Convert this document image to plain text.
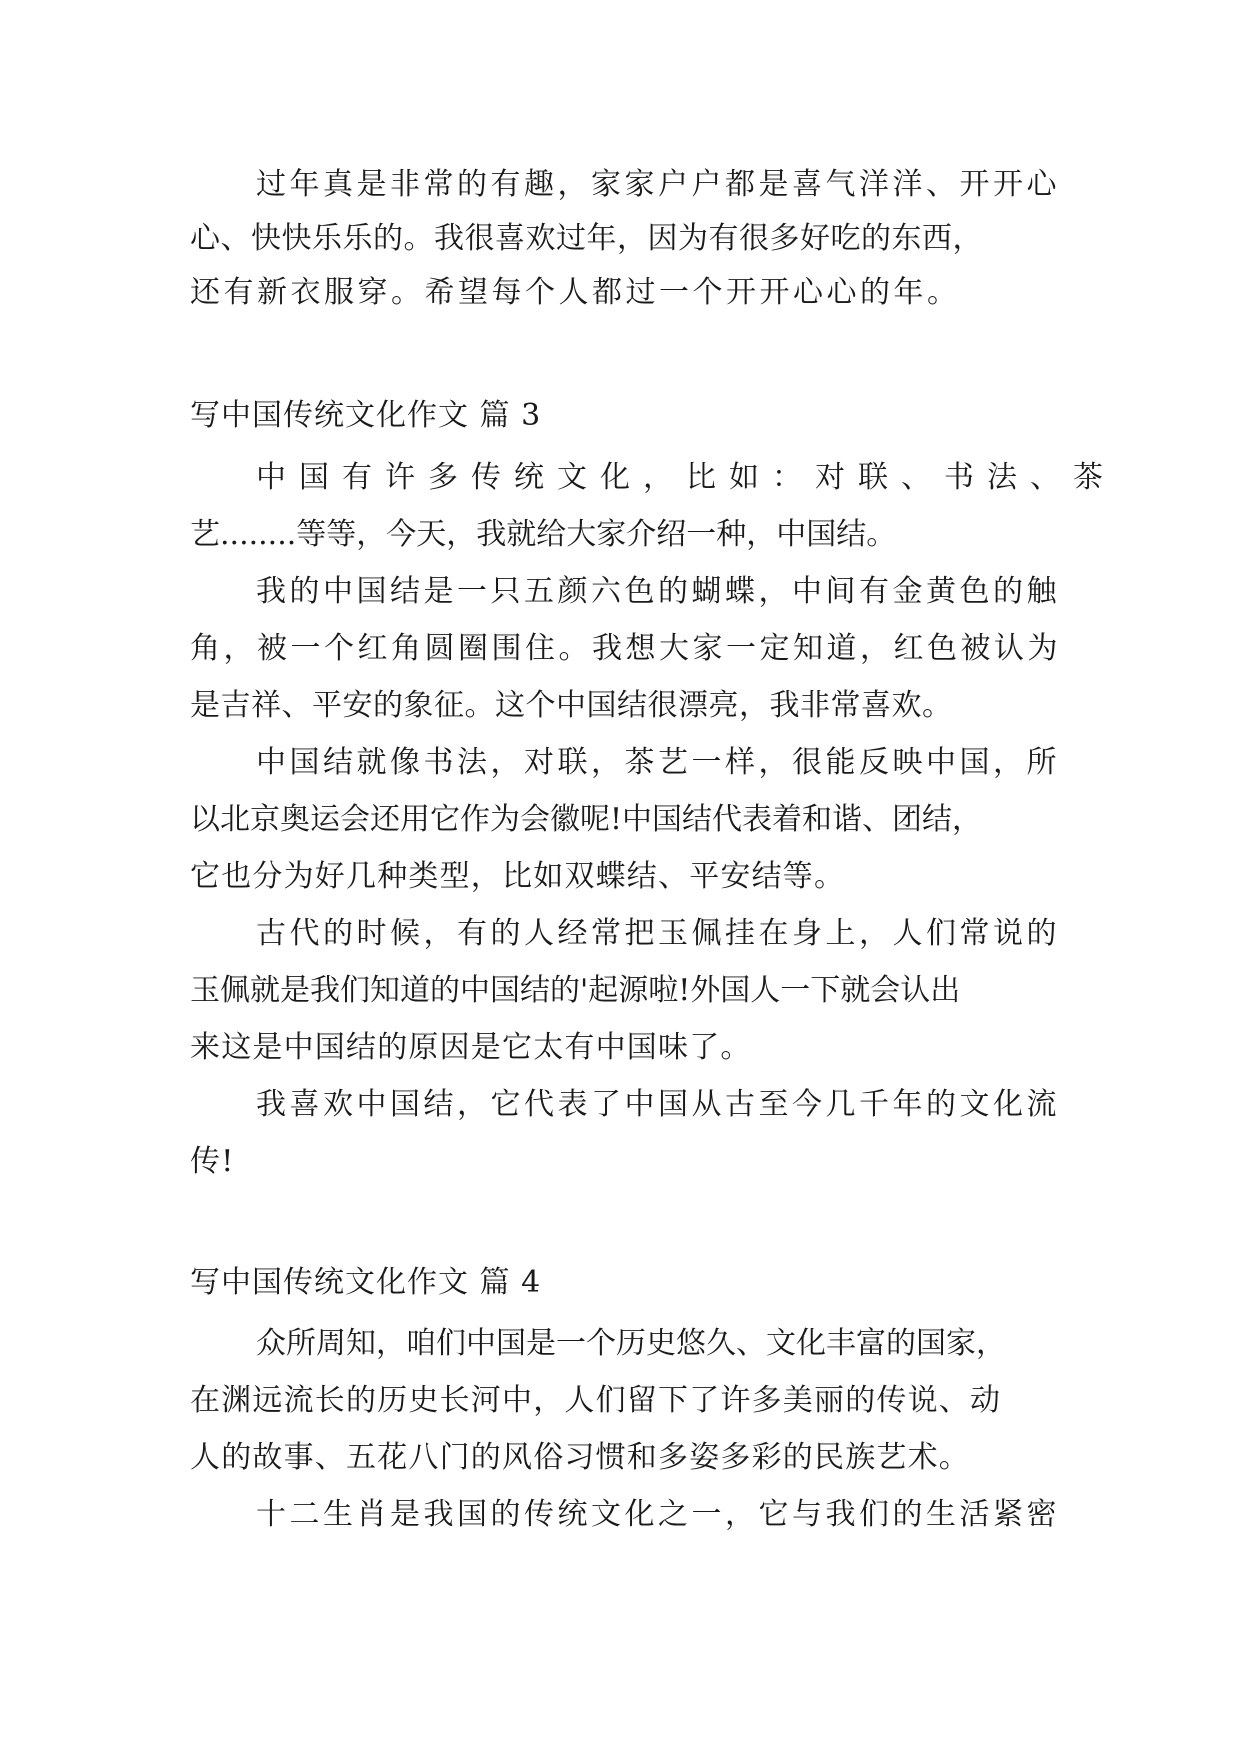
过年真是非常的有趣，家家户户都是喜气洋洋、开开心
心、快快乐乐的。我很喜欢过年，因为有很多好吃的东西，
还有新衣服穿。希望每个人都过一个开开心心的年。
写中国传统文化作文 篇 3
中国有许多传统文化，比如：对联、书法、茶
艺........等等，今天，我就给大家介绍一种，中国结。
我的中国结是一只五颜六色的蝴蝶，中间有金黄色的触
角，被一个红角圆圈围住。我想大家一定知道，红色被认为
是吉祥、平安的象征。这个中国结很漂亮，我非常喜欢。
中国结就像书法，对联，茶艺一样，很能反映中国，所
以北京奥运会还用它作为会徽呢!中国结代表着和谐、团结，
它也分为好几种类型，比如双蝶结、平安结等。
古代的时候，有的人经常把玉佩挂在身上，人们常说的
玉佩就是我们知道的中国结的'起源啦!外国人一下就会认出
来这是中国结的原因是它太有中国味了。
我喜欢中国结，它代表了中国从古至今几千年的文化流
传!
写中国传统文化作文 篇 4
众所周知，咱们中国是一个历史悠久、文化丰富的国家，
在渊远流长的历史长河中，人们留下了许多美丽的传说、动
人的故事、五花八门的风俗习惯和多姿多彩的民族艺术。
十二生肖是我国的传统文化之一，它与我们的生活紧密
